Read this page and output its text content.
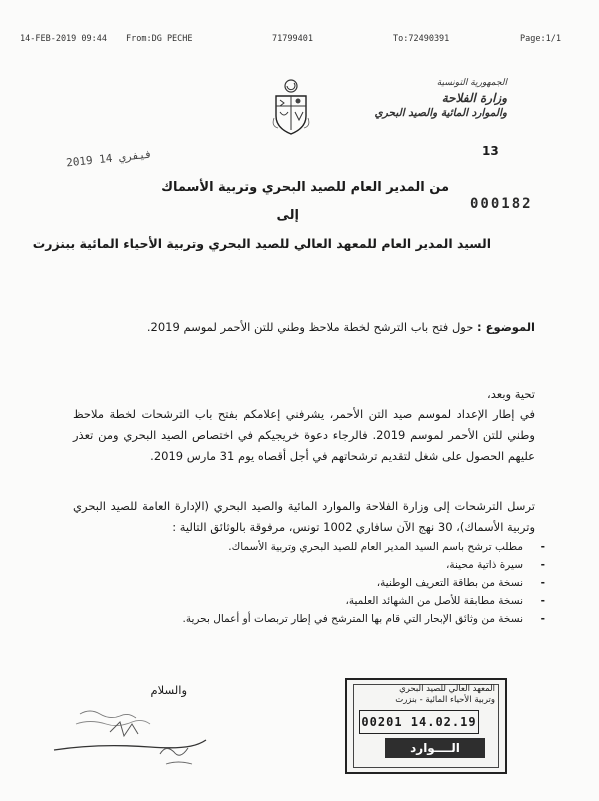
14-FEB-2019 09:44 From:DG PECHE	71799401	To:72490391	Page:1/1
الجمهورية التونسية
وزارة الفلاحة
والموارد المائية والصيد البحري
13
2019 فيفري 14
000182
من المدير العام للصيد البحري وتربية الأسماك
إلى
السيد المدير العام للمعهد العالي للصيد البحري وتربية الأحياء المائية ببنزرت
الموضوع : حول فتح باب الترشح لخطة ملاحظ وطني للتن الأحمر لموسم 2019.
تحية وبعد،
في إطار الإعداد لموسم صيد التن الأحمر، يشرفني إعلامكم بفتح باب الترشحات لخطة ملاحظ وطني للتن الأحمر لموسم 2019. فالرجاء دعوة خريجيكم في اختصاص الصيد البحري ومن تعذر عليهم الحصول على شغل لتقديم ترشحاتهم في أجل أقصاه يوم 31 مارس 2019.
ترسل الترشحات إلى وزارة الفلاحة والموارد المائية والصيد البحري (الإدارة العامة للصيد البحري وتربية الأسماك)، 30 نهج الآن سافاري 1002 تونس، مرفوقة بالوثائق التالية :
مطلب ترشح باسم السيد المدير العام للصيد البحري وتربية الأسماك. -
سيرة ذاتية محينة، -
نسخة من بطاقة التعريف الوطنية، -
نسخة مطابقة للأصل من الشهائد العلمية، -
نسخة من وثائق الإبحار التي قام بها المترشح في إطار تربصات أو أعمال بحرية. -
والسلام	المعهد العالي للصيد البحري
وتربية الأحياء المائية - بنزرت
00201 14.02.19
الــــوارد
